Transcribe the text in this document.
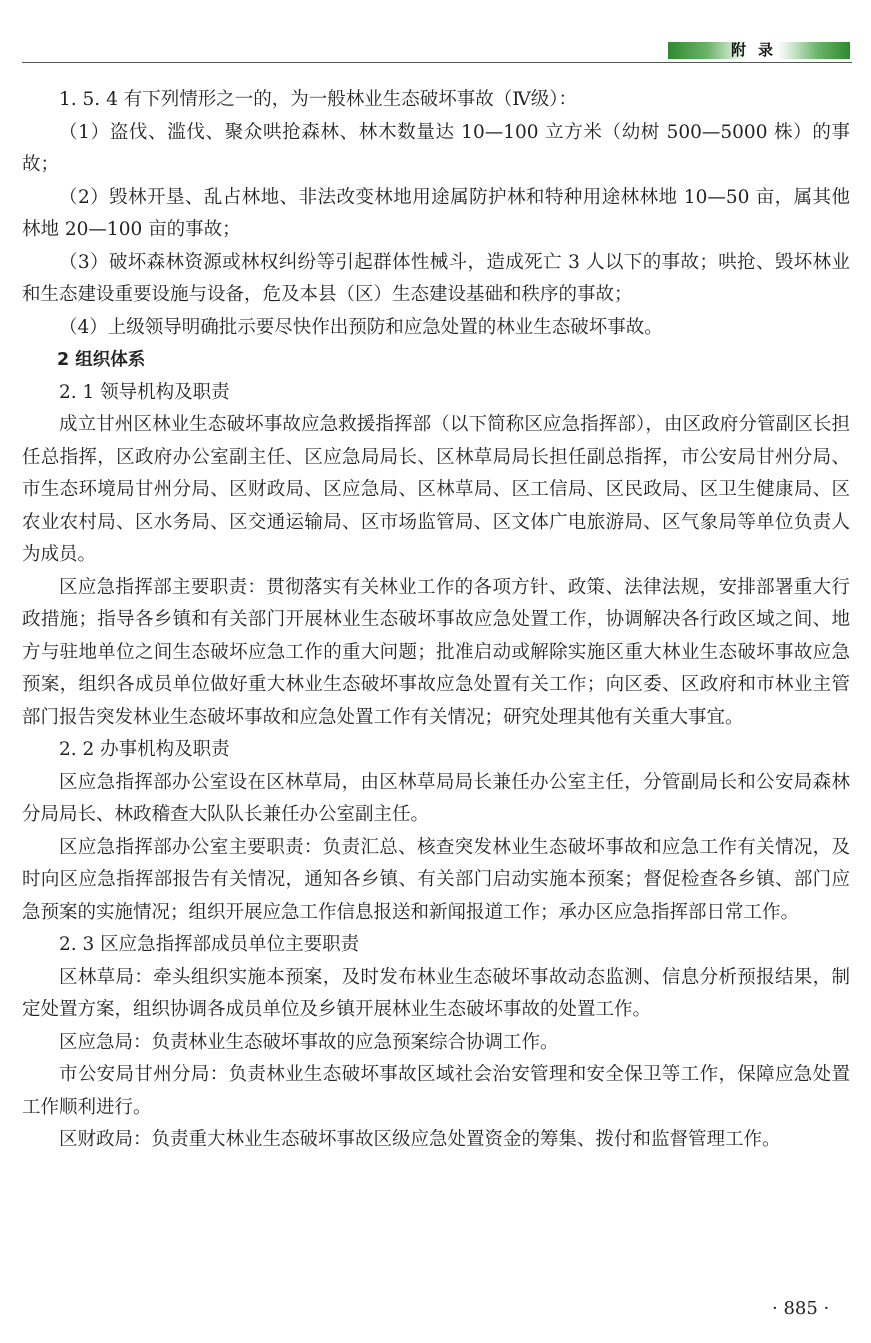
附录

1. 5. 4 有下列情形之一的，为一般林业生态破坏事故（Ⅳ级）：

（1）盗伐、滥伐、聚众哄抢森林、林木数量达 10—100 立方米（幼树 500—5000 株）的事故；

（2）毁林开垦、乱占林地、非法改变林地用途属防护林和特种用途林林地 10—50 亩，属其他林地 20—100 亩的事故；

（3）破坏森林资源或林权纠纷等引起群体性械斗，造成死亡 3 人以下的事故；哄抢、毁坏林业和生态建设重要设施与设备，危及本县（区）生态建设基础和秩序的事故；

（4）上级领导明确批示要尽快作出预防和应急处置的林业生态破坏事故。

2 组织体系

2. 1 领导机构及职责

成立甘州区林业生态破坏事故应急救援指挥部（以下简称区应急指挥部），由区政府分管副区长担任总指挥，区政府办公室副主任、区应急局局长、区林草局局长担任副总指挥，市公安局甘州分局、市生态环境局甘州分局、区财政局、区应急局、区林草局、区工信局、区民政局、区卫生健康局、区农业农村局、区水务局、区交通运输局、区市场监管局、区文体广电旅游局、区气象局等单位负责人为成员。

区应急指挥部主要职责：贯彻落实有关林业工作的各项方针、政策、法律法规，安排部署重大行政措施；指导各乡镇和有关部门开展林业生态破坏事故应急处置工作，协调解决各行政区域之间、地方与驻地单位之间生态破坏应急工作的重大问题；批准启动或解除实施区重大林业生态破坏事故应急预案，组织各成员单位做好重大林业生态破坏事故应急处置有关工作；向区委、区政府和市林业主管部门报告突发林业生态破坏事故和应急处置工作有关情况；研究处理其他有关重大事宜。

2. 2 办事机构及职责

区应急指挥部办公室设在区林草局，由区林草局局长兼任办公室主任，分管副局长和公安局森林分局局长、林政稽查大队队长兼任办公室副主任。

区应急指挥部办公室主要职责：负责汇总、核查突发林业生态破坏事故和应急工作有关情况，及时向区应急指挥部报告有关情况，通知各乡镇、有关部门启动实施本预案；督促检查各乡镇、部门应急预案的实施情况；组织开展应急工作信息报送和新闻报道工作；承办区应急指挥部日常工作。

2. 3 区应急指挥部成员单位主要职责

区林草局：牵头组织实施本预案，及时发布林业生态破坏事故动态监测、信息分析预报结果，制定处置方案，组织协调各成员单位及乡镇开展林业生态破坏事故的处置工作。

区应急局：负责林业生态破坏事故的应急预案综合协调工作。

市公安局甘州分局：负责林业生态破坏事故区域社会治安管理和安全保卫等工作，保障应急处置工作顺利进行。

区财政局：负责重大林业生态破坏事故区级应急处置资金的筹集、拨付和监督管理工作。

· 885 ·
